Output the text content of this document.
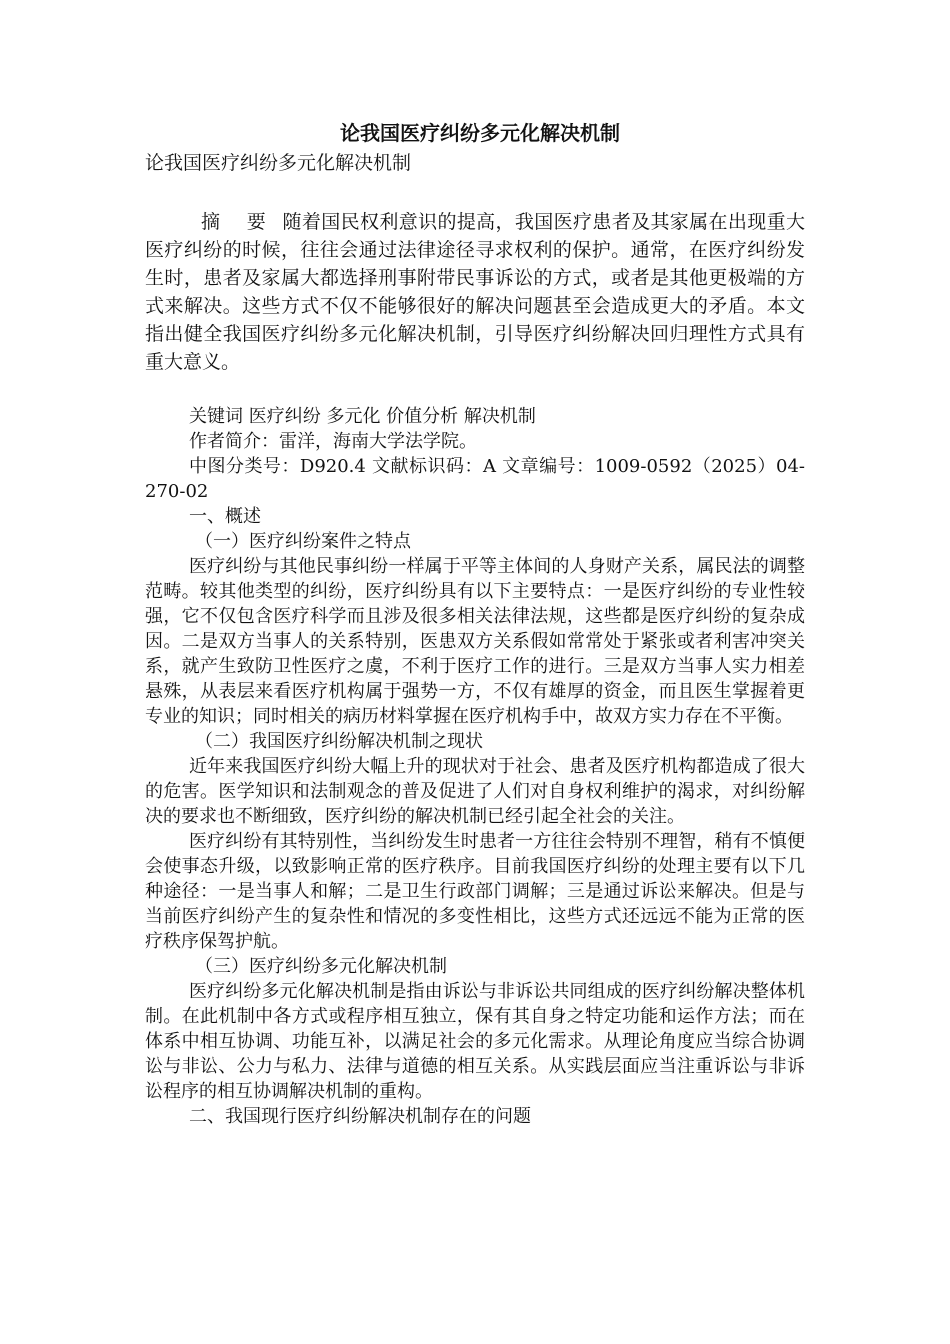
论我国医疗纠纷多元化解决机制
论我国医疗纠纷多元化解决机制
摘 要 随着国民权利意识的提高，我国医疗患者及其家属在出现重大医疗纠纷的时候，往往会通过法律途径寻求权利的保护。通常，在医疗纠纷发生时，患者及家属大都选择刑事附带民事诉讼的方式，或者是其他更极端的方式来解决。这些方式不仅不能够很好的解决问题甚至会造成更大的矛盾。本文指出健全我国医疗纠纷多元化解决机制，引导医疗纠纷解决回归理性方式具有重大意义。

关键词 医疗纠纷 多元化 价值分析 解决机制

作者简介：雷洋，海南大学法学院。

中图分类号：D920.4 文献标识码：A 文章编号：1009-0592（2025）04-270-02

一、概述

（一）医疗纠纷案件之特点

医疗纠纷与其他民事纠纷一样属于平等主体间的人身财产关系，属民法的调整范畴。较其他类型的纠纷，医疗纠纷具有以下主要特点：一是医疗纠纷的专业性较强，它不仅包含医疗科学而且涉及很多相关法律法规，这些都是医疗纠纷的复杂成因。二是双方当事人的关系特别，医患双方关系假如常常处于紧张或者利害冲突关系，就产生致防卫性医疗之虞，不利于医疗工作的进行。三是双方当事人实力相差悬殊，从表层来看医疗机构属于强势一方，不仅有雄厚的资金，而且医生掌握着更专业的知识；同时相关的病历材料掌握在医疗机构手中，故双方实力存在不平衡。

（二）我国医疗纠纷解决机制之现状

近年来我国医疗纠纷大幅上升的现状对于社会、患者及医疗机构都造成了很大的危害。医学知识和法制观念的普及促进了人们对自身权利维护的渴求，对纠纷解决的要求也不断细致，医疗纠纷的解决机制已经引起全社会的关注。

医疗纠纷有其特别性，当纠纷发生时患者一方往往会特别不理智，稍有不慎便会使事态升级，以致影响正常的医疗秩序。目前我国医疗纠纷的处理主要有以下几种途径：一是当事人和解；二是卫生行政部门调解；三是通过诉讼来解决。但是与当前医疗纠纷产生的复杂性和情况的多变性相比，这些方式还远远不能为正常的医疗秩序保驾护航。

（三）医疗纠纷多元化解决机制

医疗纠纷多元化解决机制是指由诉讼与非诉讼共同组成的医疗纠纷解决整体机制。在此机制中各方式或程序相互独立，保有其自身之特定功能和运作方法；而在体系中相互协调、功能互补，以满足社会的多元化需求。从理论角度应当综合协调讼与非讼、公力与私力、法律与道德的相互关系。从实践层面应当注重诉讼与非诉讼程序的相互协调解决机制的重构。

二、我国现行医疗纠纷解决机制存在的问题
